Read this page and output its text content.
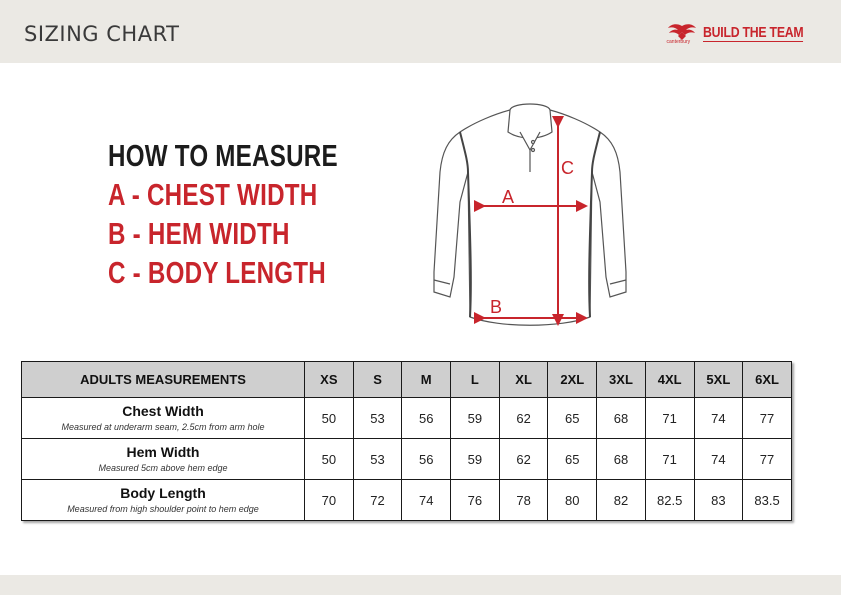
SIZING CHART	BUILD THE TEAM
canterbury
HOW TO MEASURE
A - CHEST WIDTH
B - HEM WIDTH
C - BODY LENGTH
C
A
B
ADULTS MEASUREMENTS	XS	S	M	L	XL	2XL	3XL	4XL	5XL	6XL

Chest Width
Measured at underarm seam, 2.5cm from arm hole	50	53	56	59	62	65	68	71	74	77

Hem Width
Measured 5cm above hem edge	50	53	56	59	62	65	68	71	74	77

Body Length
Measured from high shoulder point to hem edge	70	72	74	76	78	80	82	82.5	83	83.5
